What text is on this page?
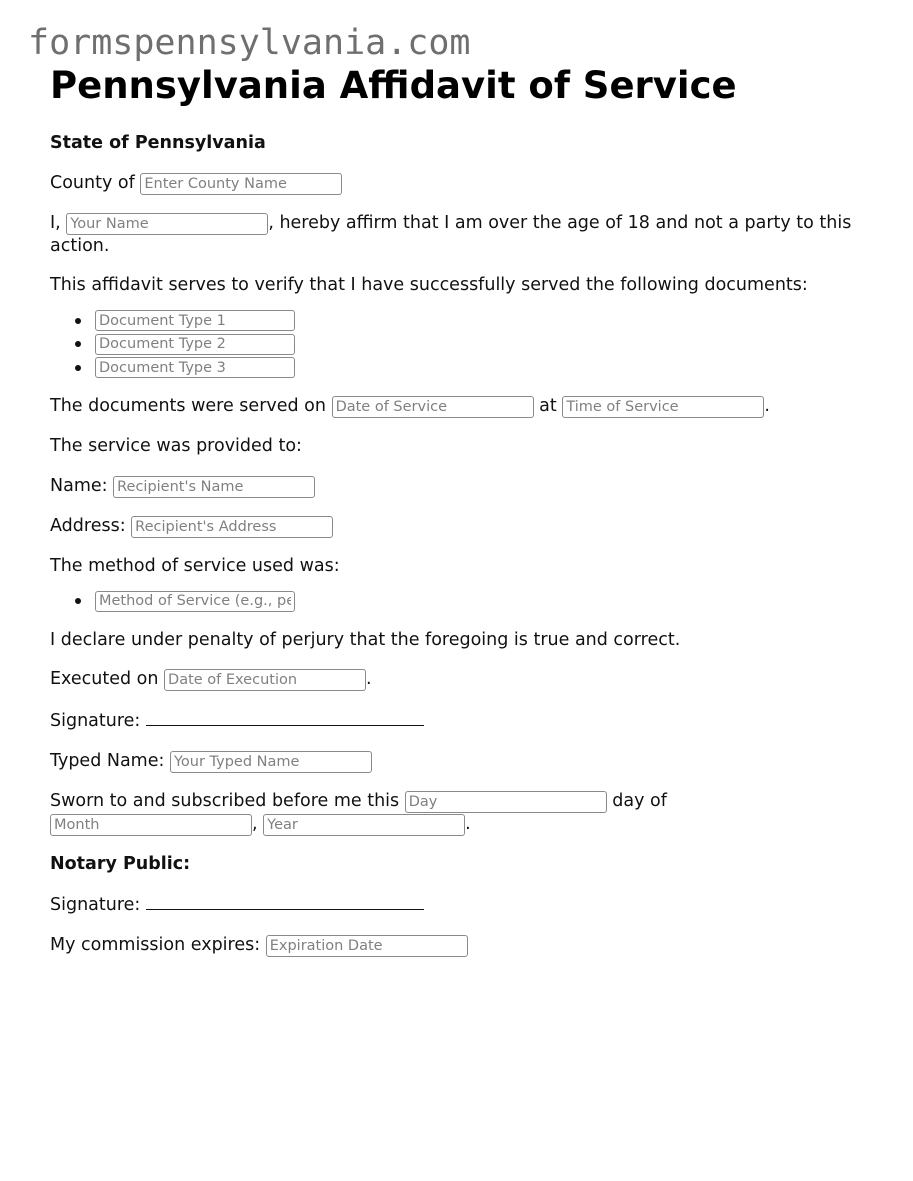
formspennsylvania.com
Pennsylvania Affidavit of Service

State of Pennsylvania

County of Enter County Name

I, Your Name	, hereby affirm that I am over the age of 18 and not a party to this action.

This affidavit serves to verify that I have successfully served the following documents:

Document Type 1
Document Type 2
Document Type 3

The documents were served on Date of Service	at Time of Service	.

The service was provided to:

Name: Recipient's Name

Address: Recipient's Address

The method of service used was:

Method of Service (e.g., personal delivery)

I declare under penalty of perjury that the foregoing is true and correct.

Executed on Date of Execution	.

Signature:

Typed Name: Your Typed Name

Sworn to and subscribed before me this Day	day of
Month, Year	.

Notary Public:

Signature:

My commission expires: Expiration Date
